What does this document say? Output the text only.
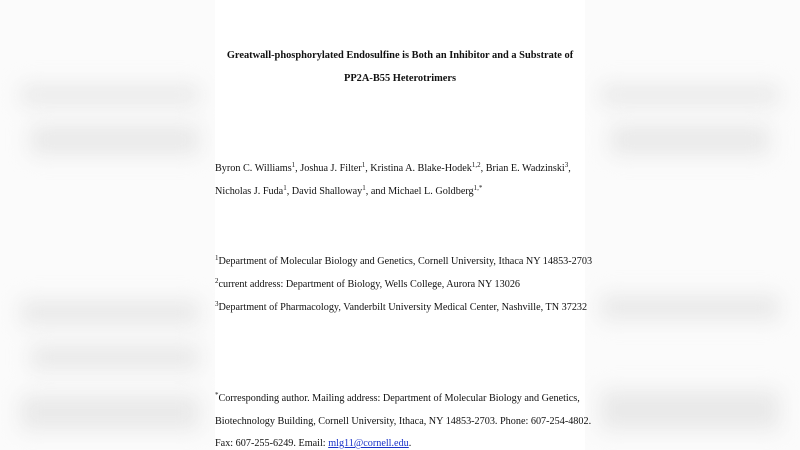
Greatwall-phosphorylated Endosulfine is Both an Inhibitor and a Substrate of
PP2A-B55 Heterotrimers
Byron C. Williams$^1$, Joshua J. Filter$^1$, Kristina A. Blake-Hodek$^{1,2}$, Brian E. Wadzinski$^3$,
Nicholas J. Fuda$^1$, David Shalloway$^1$, and Michael L. Goldberg$^{1,*}$
$^1$Department of Molecular Biology and Genetics, Cornell University, Ithaca NY 14853-2703
$^2$current address: Department of Biology, Wells College, Aurora NY 13026
$^3$Department of Pharmacology, Vanderbilt University Medical Center, Nashville, TN 37232
*Corresponding author. Mailing address: Department of Molecular Biology and Genetics,
Biotechnology Building, Cornell University, Ithaca, NY 14853-2703. Phone: 607-254-4802.
Fax: 607-255-6249. Email: mlg11@cornell.edu.
